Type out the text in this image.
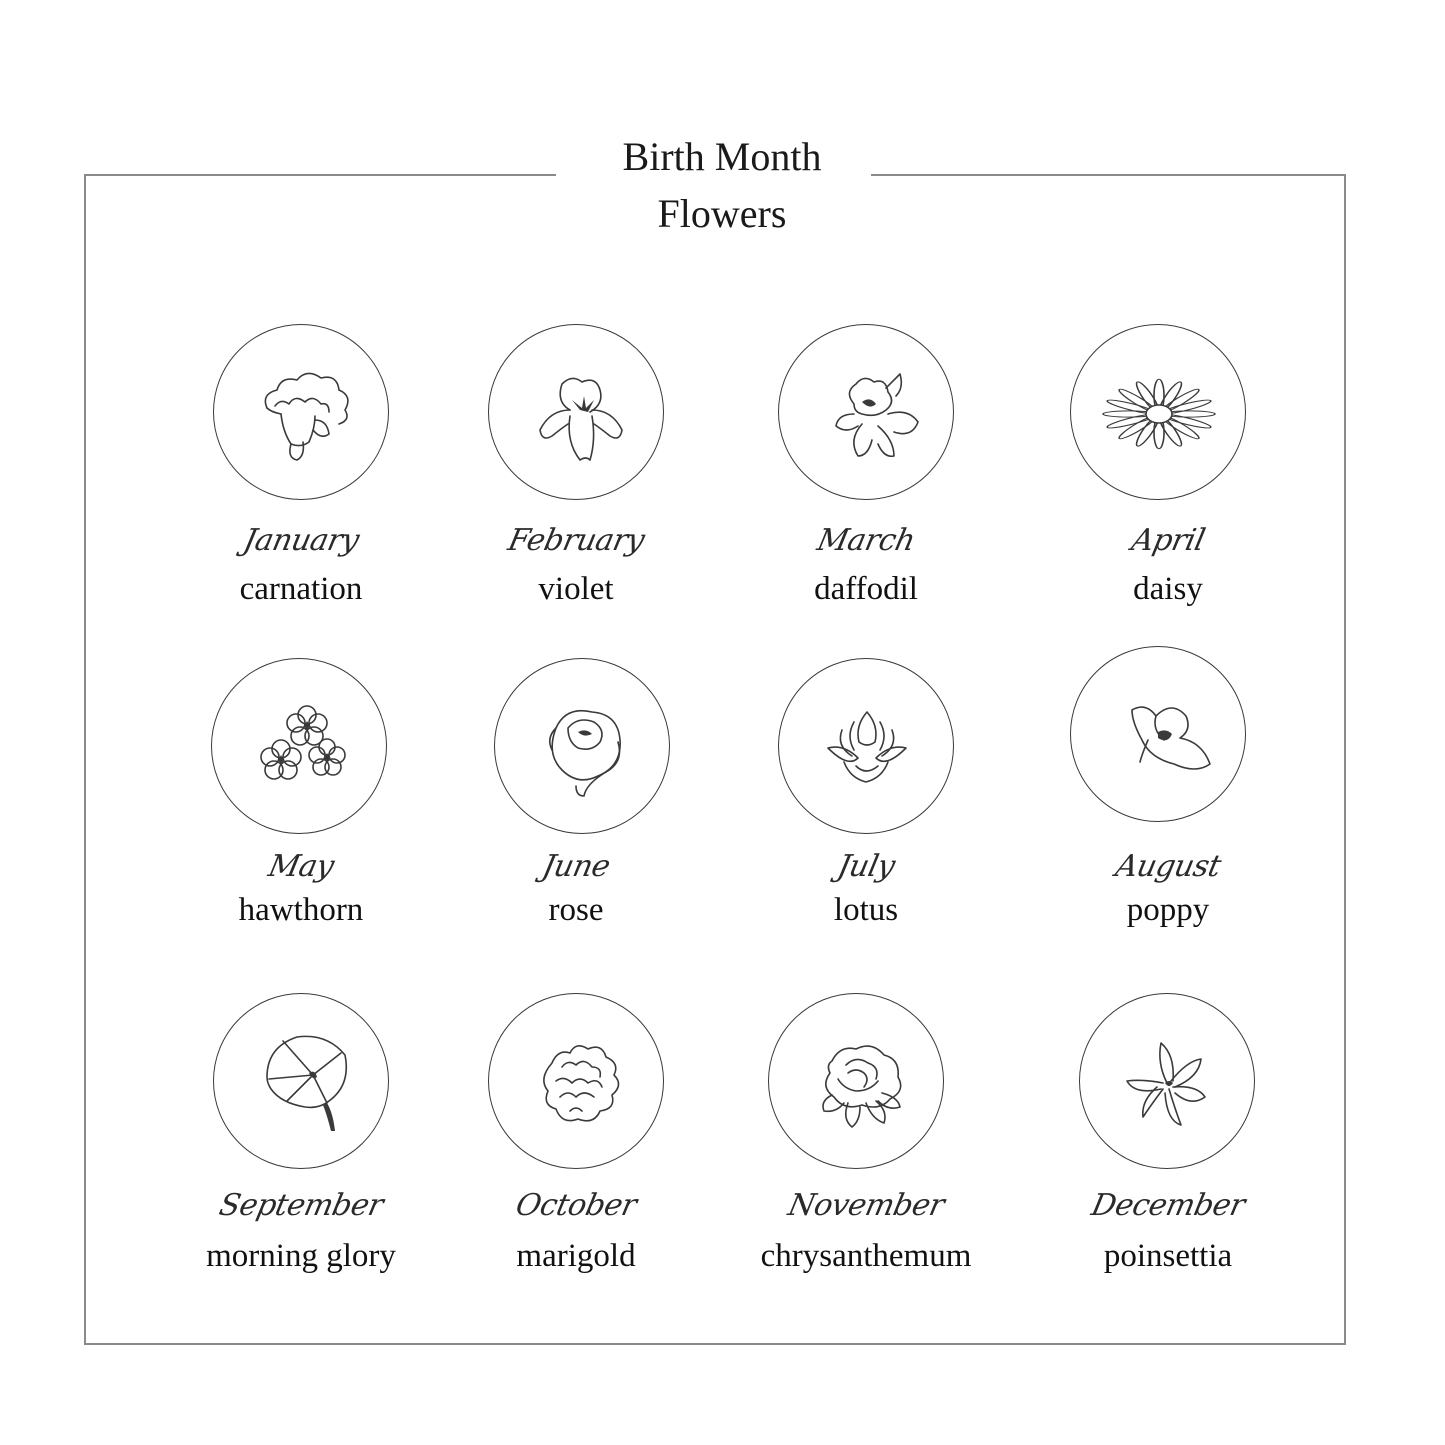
Birth Month
Flowers
January
carnation
February
violet
March
daffodil
April
daisy
May
hawthorn
June
rose
July
lotus
August
poppy
September
morning glory
October
marigold
November
chrysanthemum
December
poinsettia
